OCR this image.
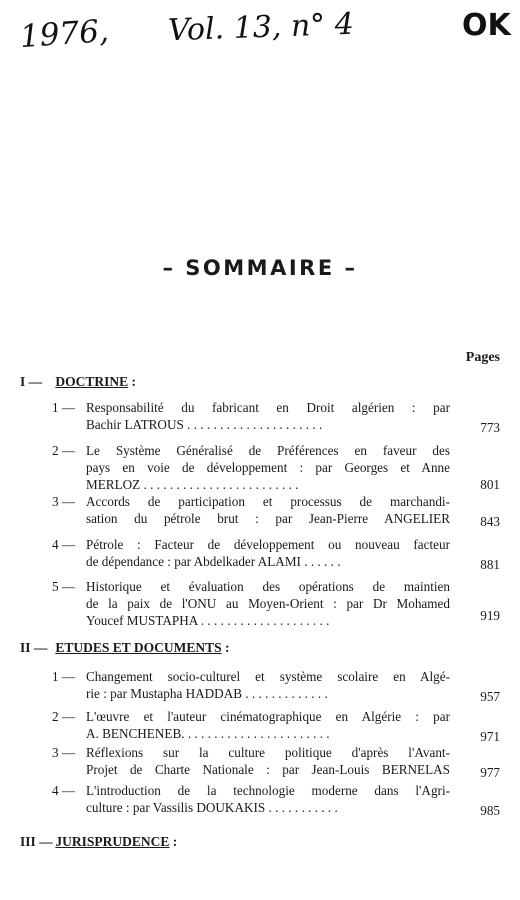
1976, Vol. 13, n° 4	OK
– SOMMAIRE –
Pages
I — DOCTRINE :
1 — Responsabilité du fabricant en Droit algérien : par
Bachir LATROUS . . . . . . . . . . . . . . . . . . . . .	773
2 — Le Système Généralisé de Préférences en faveur des
pays en voie de développement : par Georges et Anne
MERLOZ . . . . . . . . . . . . . . . . . . . . . . . .	801
3 — Accords de participation et processus de marchandi-
sation du pétrole brut : par Jean-Pierre ANGELIER	843
4 — Pétrole : Facteur de développement ou nouveau facteur
de dépendance : par Abdelkader ALAMI . . . . . .	881
5 — Historique et évaluation des opérations de maintien
de la paix de l'ONU au Moyen-Orient : par Dr Mohamed
Youcef MUSTAPHA . . . . . . . . . . . . . . . . . . . .	919
II — ETUDES ET DOCUMENTS :
1 — Changement socio-culturel et système scolaire en Algé-
rie : par Mustapha HADDAB . . . . . . . . . . . . .	957
2 — L'œuvre et l'auteur cinématographique en Algérie : par
A. BENCHENEB. . . . . . . . . . . . . . . . . . . . . . .	971
3 — Réflexions sur la culture politique d'après l'Avant-
Projet de Charte Nationale : par Jean-Louis BERNELAS	977
4 — L'introduction de la technologie moderne dans l'Agri-
culture : par Vassilis DOUKAKIS . . . . . . . . . . .	985
III — JURISPRUDENCE :
